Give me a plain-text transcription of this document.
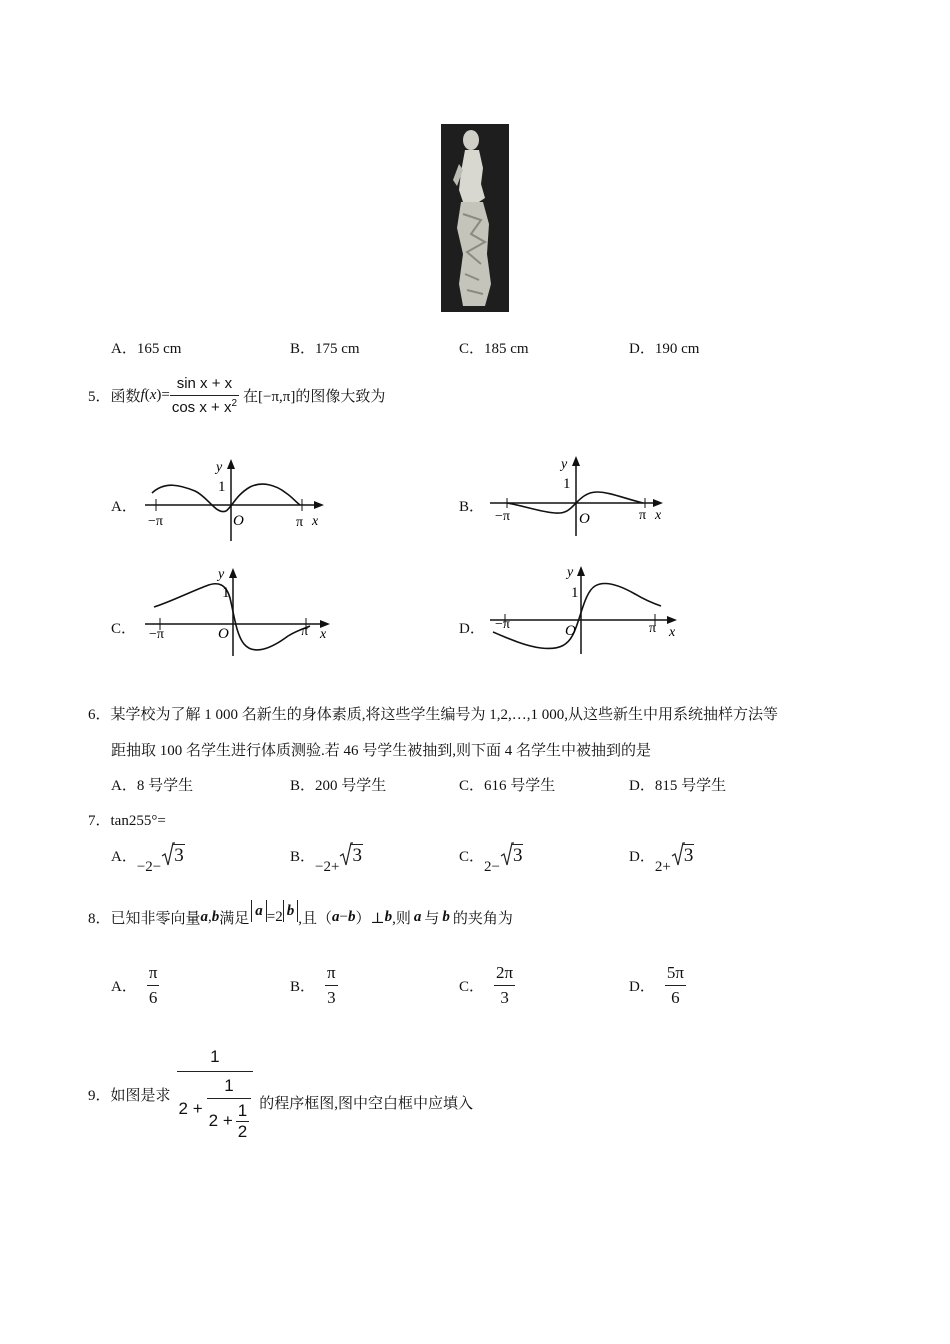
A．165 cm	B．175 cm	C．185 cm	D．190 cm
5． 函数 f ( x )= $\frac{\text{sin x + x}}{\cos x + x^2}$ 在[−π,π]的图像大致为
A．	B．
C．	D．
y
1
O
−π	π x
y
1
O
−π	π x
y
1
O
−π	π x
y
1
O
−π	π x
6．某学校为了解 1 000 名新生的身体素质,将这些学生编号为 1,2,…,1 000,从这些新生中用系统抽样方法等
距抽取 100 名学生进行体质测验.若 46 号学生被抽到,则下面 4 名学生中被抽到的是
A．8 号学生	B．200 号学生	C．616 号学生	D．815 号学生
7．tan255°=
A．−2−
3	B．−2+
3	C．2−
3	D．2+
3
8． 已知非零向量 a , b 满足 a =2 b ,且（ a − b ）⊥ b ,则 a 与 b 的夹角为
A． $\frac{\pi}{6}$	B． $\frac{\pi}{3}$	C． $\frac{2\pi}{3}$	D． $\frac{5\pi}{6}$
9． 如图是求
1
$2 + \frac{1}{2 + \frac{1}{2}}$ 的程序框图,图中空白框中应填入
